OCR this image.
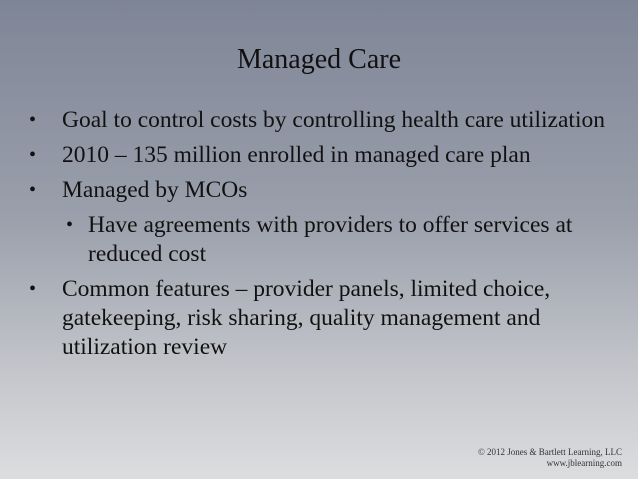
Managed Care
• Goal to control costs by controlling health care utilization
• 2010 – 135 million enrolled in managed care plan
• Managed by MCOs
• Have agreements with providers to offer services at reduced cost
• Common features – provider panels, limited choice, gatekeeping, risk sharing, quality management and utilization review
© 2012 Jones & Bartlett Learning, LLC
www.jblearning.com
